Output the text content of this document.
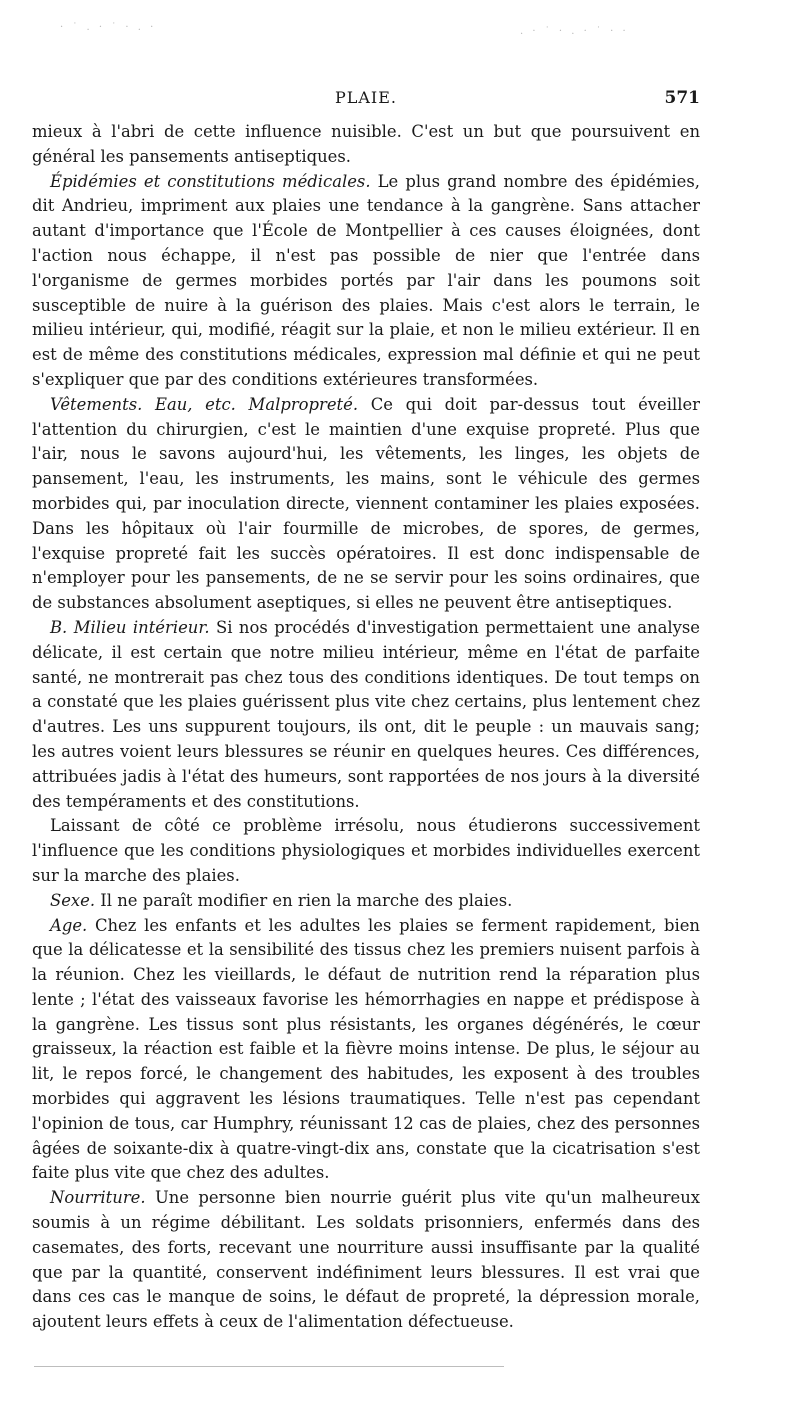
· ˙ . · ˙ · . ·	. · ˙ · . · ˙ · ·
PLAIE.	571

mieux à l'abri de cette influence nuisible. C'est un but que poursuivent en général les pansements antiseptiques.

Épidémies et constitutions médicales. Le plus grand nombre des épidémies, dit Andrieu, impriment aux plaies une tendance à la gangrène. Sans attacher autant d'importance que l'École de Montpellier à ces causes éloignées, dont l'action nous échappe, il n'est pas possible de nier que l'entrée dans l'organisme de germes morbides portés par l'air dans les poumons soit susceptible de nuire à la guérison des plaies. Mais c'est alors le terrain, le milieu intérieur, qui, modifié, réagit sur la plaie, et non le milieu extérieur. Il en est de même des constitutions médicales, expression mal définie et qui ne peut s'expliquer que par des conditions extérieures transformées.

Vêtements. Eau, etc. Malpropreté. Ce qui doit par-dessus tout éveiller l'attention du chirurgien, c'est le maintien d'une exquise propreté. Plus que l'air, nous le savons aujourd'hui, les vêtements, les linges, les objets de pansement, l'eau, les instruments, les mains, sont le véhicule des germes morbides qui, par inoculation directe, viennent contaminer les plaies exposées. Dans les hôpitaux où l'air fourmille de microbes, de spores, de germes, l'exquise propreté fait les succès opératoires. Il est donc indispensable de n'employer pour les pansements, de ne se servir pour les soins ordinaires, que de substances absolument aseptiques, si elles ne peuvent être antiseptiques.

B. Milieu intérieur. Si nos procédés d'investigation permettaient une analyse délicate, il est certain que notre milieu intérieur, même en l'état de parfaite santé, ne montrerait pas chez tous des conditions identiques. De tout temps on a constaté que les plaies guérissent plus vite chez certains, plus lentement chez d'autres. Les uns suppurent toujours, ils ont, dit le peuple : un mauvais sang; les autres voient leurs blessures se réunir en quelques heures. Ces différences, attribuées jadis à l'état des humeurs, sont rapportées de nos jours à la diversité des tempéraments et des constitutions.

Laissant de côté ce problème irrésolu, nous étudierons successivement l'influence que les conditions physiologiques et morbides individuelles exercent sur la marche des plaies.

Sexe. Il ne paraît modifier en rien la marche des plaies.

Age. Chez les enfants et les adultes les plaies se ferment rapidement, bien que la délicatesse et la sensibilité des tissus chez les premiers nuisent parfois à la réunion. Chez les vieillards, le défaut de nutrition rend la réparation plus lente ; l'état des vaisseaux favorise les hémorrhagies en nappe et prédispose à la gangrène. Les tissus sont plus résistants, les organes dégénérés, le cœur graisseux, la réaction est faible et la fièvre moins intense. De plus, le séjour au lit, le repos forcé, le changement des habitudes, les exposent à des troubles morbides qui aggravent les lésions traumatiques. Telle n'est pas cependant l'opinion de tous, car Humphry, réunissant 12 cas de plaies, chez des personnes âgées de soixante-dix à quatre-vingt-dix ans, constate que la cicatrisation s'est faite plus vite que chez des adultes.

Nourriture. Une personne bien nourrie guérit plus vite qu'un malheureux soumis à un régime débilitant. Les soldats prisonniers, enfermés dans des casemates, des forts, recevant une nourriture aussi insuffisante par la qualité que par la quantité, conservent indéfiniment leurs blessures. Il est vrai que dans ces cas le manque de soins, le défaut de propreté, la dépression morale, ajoutent leurs effets à ceux de l'alimentation défectueuse.
